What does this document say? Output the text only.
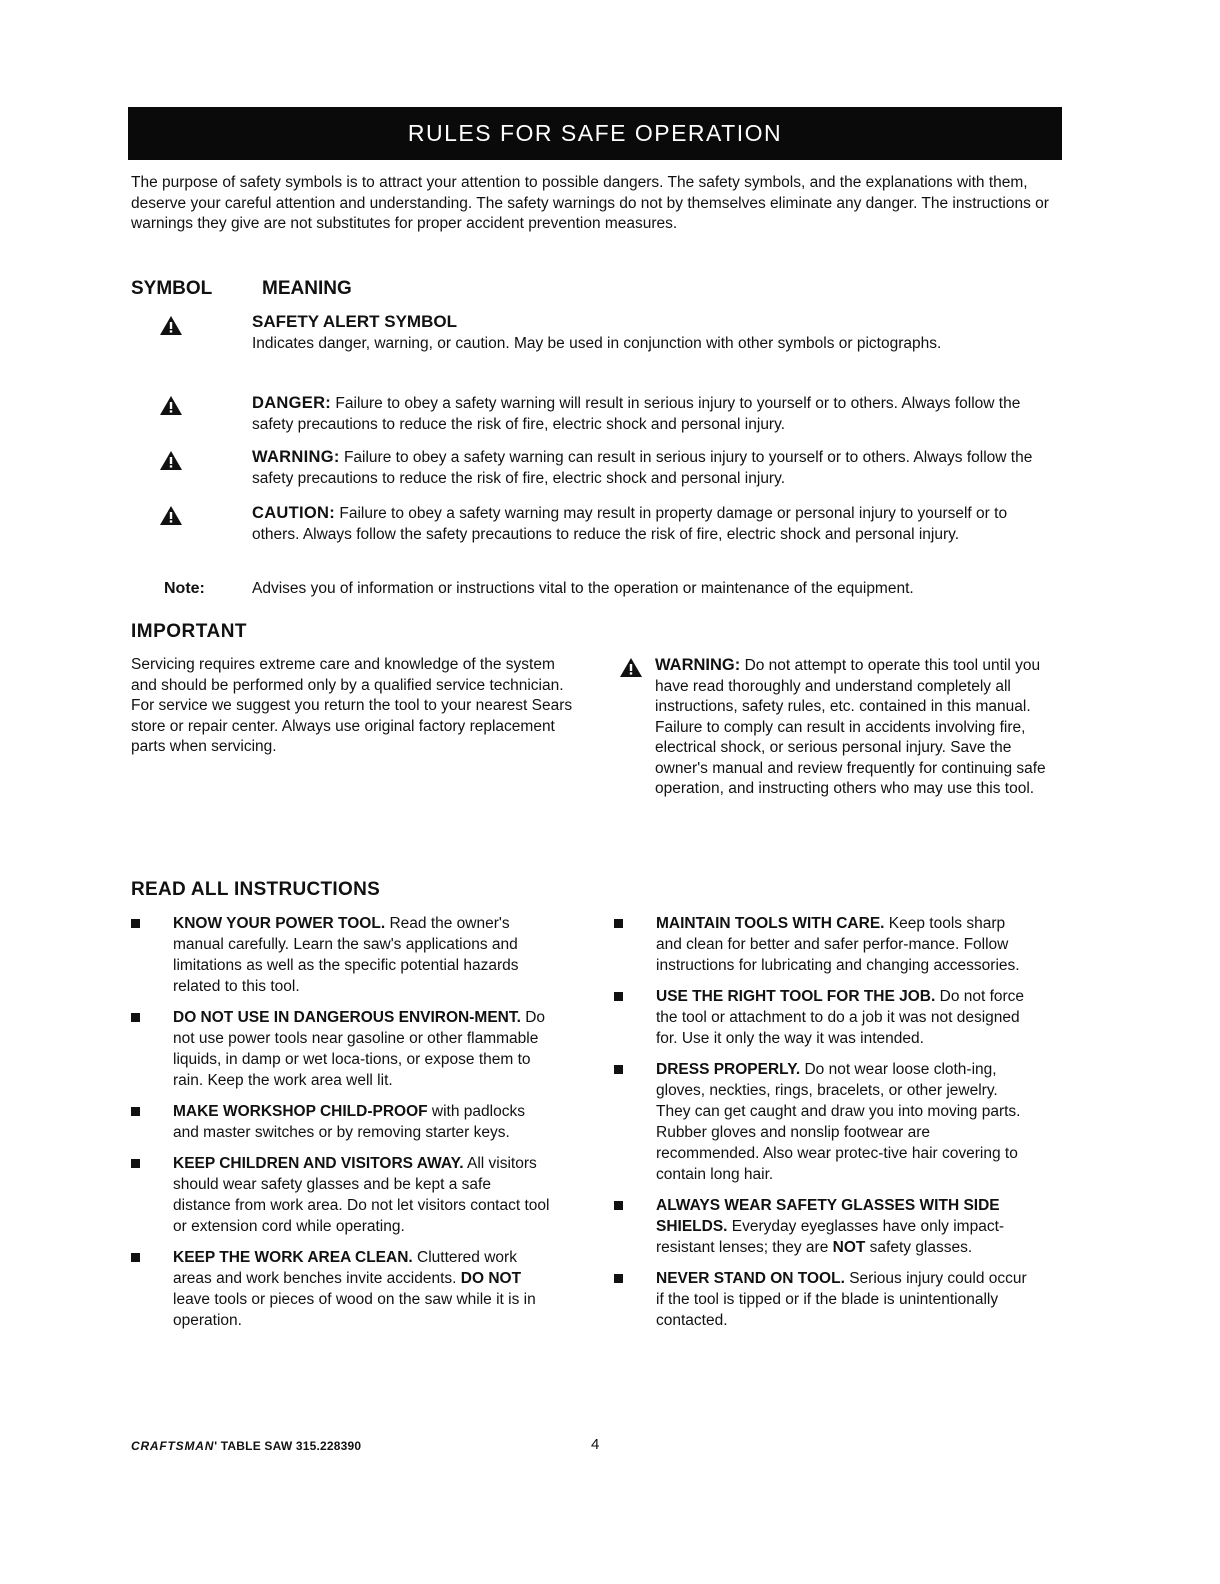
RULES FOR SAFE OPERATION
The purpose of safety symbols is to attract your attention to possible dangers. The safety symbols, and the explanations with them, deserve your careful attention and understanding. The safety warnings do not by themselves eliminate any danger. The instructions or warnings they give are not substitutes for proper accident prevention measures.
SYMBOL	MEANING
SAFETY ALERT SYMBOL
Indicates danger, warning, or caution. May be used in conjunction with other symbols or pictographs.
DANGER: Failure to obey a safety warning will result in serious injury to yourself or to others. Always follow the safety precautions to reduce the risk of fire, electric shock and personal injury.
WARNING: Failure to obey a safety warning can result in serious injury to yourself or to others. Always follow the safety precautions to reduce the risk of fire, electric shock and personal injury.
CAUTION: Failure to obey a safety warning may result in property damage or personal injury to yourself or to others. Always follow the safety precautions to reduce the risk of fire, electric shock and personal injury.
Note:	Advises you of information or instructions vital to the operation or maintenance of the equipment.
IMPORTANT
Servicing requires extreme care and knowledge of the system and should be performed only by a qualified service technician. For service we suggest you return the tool to your nearest Sears store or repair center. Always use original factory replacement parts when servicing.
WARNING: Do not attempt to operate this tool until you have read thoroughly and understand completely all instructions, safety rules, etc. contained in this manual. Failure to comply can result in accidents involving fire, electrical shock, or serious personal injury. Save the owner's manual and review frequently for continuing safe operation, and instructing others who may use this tool.
READ ALL INSTRUCTIONS
KNOW YOUR POWER TOOL. Read the owner's manual carefully. Learn the saw's applications and limitations as well as the specific potential hazards related to this tool.
DO NOT USE IN DANGEROUS ENVIRON-MENT. Do not use power tools near gasoline or other flammable liquids, in damp or wet loca-tions, or expose them to rain. Keep the work area well lit.
MAKE WORKSHOP CHILD-PROOF with padlocks and master switches or by removing starter keys.
KEEP CHILDREN AND VISITORS AWAY. All visitors should wear safety glasses and be kept a safe distance from work area. Do not let visitors contact tool or extension cord while operating.
KEEP THE WORK AREA CLEAN. Cluttered work areas and work benches invite accidents. DO NOT leave tools or pieces of wood on the saw while it is in operation.
MAINTAIN TOOLS WITH CARE. Keep tools sharp and clean for better and safer perfor-mance. Follow instructions for lubricating and changing accessories.
USE THE RIGHT TOOL FOR THE JOB. Do not force the tool or attachment to do a job it was not designed for. Use it only the way it was intended.
DRESS PROPERLY. Do not wear loose cloth-ing, gloves, neckties, rings, bracelets, or other jewelry. They can get caught and draw you into moving parts. Rubber gloves and nonslip footwear are recommended. Also wear protec-tive hair covering to contain long hair.
ALWAYS WEAR SAFETY GLASSES WITH SIDE SHIELDS. Everyday eyeglasses have only impact-resistant lenses; they are NOT safety glasses.
NEVER STAND ON TOOL. Serious injury could occur if the tool is tipped or if the blade is unintentionally contacted.
CRAFTSMAN' TABLE SAW 315.228390	4
